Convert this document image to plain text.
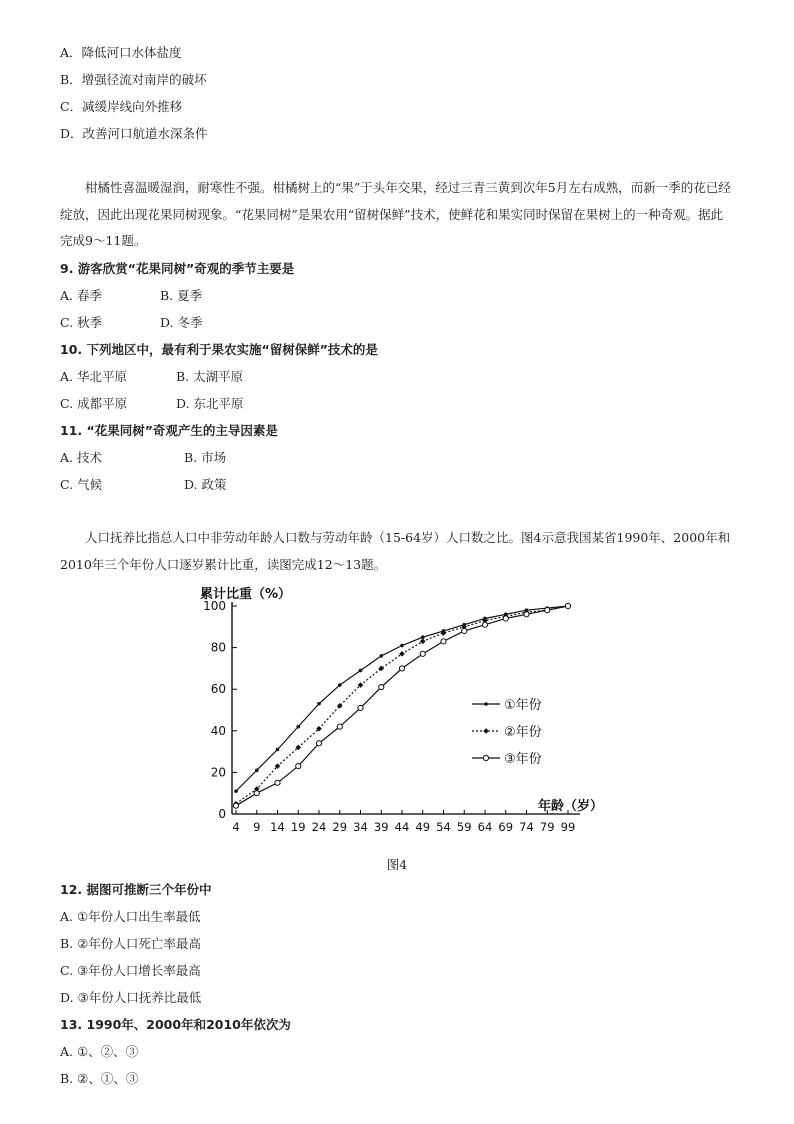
A．降低河口水体盐度
B．增强径流对南岸的破坏
C．减缓岸线向外推移
D．改善河口航道水深条件
柑橘性喜温暖湿润，耐寒性不强。柑橘树上的“果”于头年交果，经过三青三黄到次年5月左右成熟，而新一季的花已经绽放，因此出现花果同树现象。“花果同树”是果农用“留树保鲜”技术，使鲜花和果实同时保留在果树上的一种奇观。据此完成9～11题。
9. 游客欣赏“花果同树”奇观的季节主要是
A. 春季	B. 夏季
C. 秋季	D. 冬季
10. 下列地区中，最有利于果农实施“留树保鲜”技术的是
A. 华北平原	B. 太湖平原
C. 成都平原	D. 东北平原
11. “花果同树”奇观产生的主导因素是
A. 技术	B. 市场
C. 气候	D. 政策
人口抚养比指总人口中非劳动年龄人口数与劳动年龄（15-64岁）人口数之比。图4示意我国某省1990年、2000年和2010年三个年份人口逐岁累计比重，读图完成12～13题。
0
20
40
60
80
100
4 9 14 19 24 29 34 39 44 49 54 59 64 69 74 79 99
累计比重（%）
年龄（岁）
①年份
②年份
③年份
图4
12. 据图可推断三个年份中
A. ①年份人口出生率最低
B. ②年份人口死亡率最高
C. ③年份人口增长率最高
D. ③年份人口抚养比最低
13. 1990年、2000年和2010年依次为
A. ①、②、③
B. ②、①、③
